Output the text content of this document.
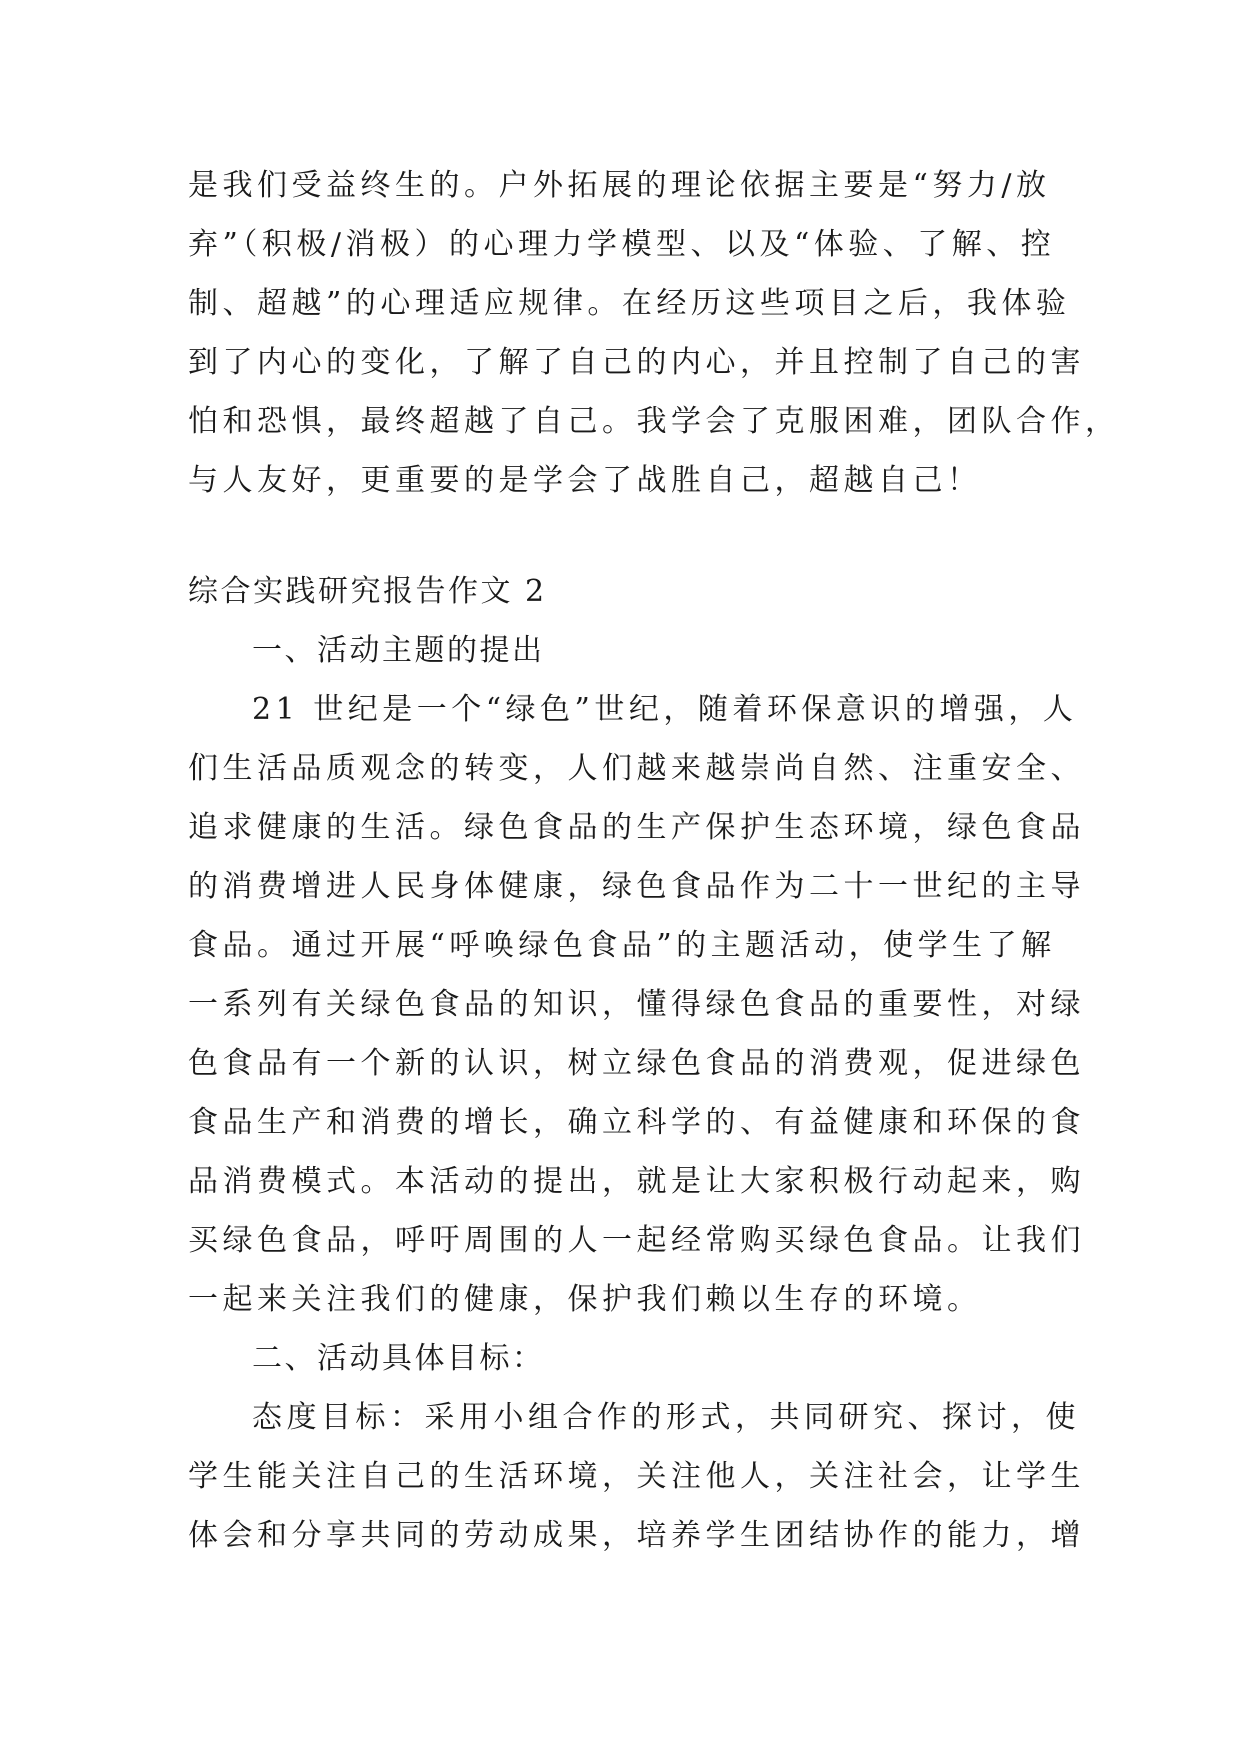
是我们受益终生的。户外拓展的理论依据主要是“努力/放
弃”（积极/消极）的心理力学模型、以及“体验、了解、控
制、超越”的心理适应规律。在经历这些项目之后，我体验
到了内心的变化，了解了自己的内心，并且控制了自己的害
怕和恐惧，最终超越了自己。我学会了克服困难，团队合作，
与人友好，更重要的是学会了战胜自己，超越自己！
综合实践研究报告作文 2
一、活动主题的提出
21 世纪是一个“绿色”世纪，随着环保意识的增强，人
们生活品质观念的转变，人们越来越崇尚自然、注重安全、
追求健康的生活。绿色食品的生产保护生态环境，绿色食品
的消费增进人民身体健康，绿色食品作为二十一世纪的主导
食品。通过开展“呼唤绿色食品”的主题活动，使学生了解
一系列有关绿色食品的知识，懂得绿色食品的重要性，对绿
色食品有一个新的认识，树立绿色食品的消费观，促进绿色
食品生产和消费的增长，确立科学的、有益健康和环保的食
品消费模式。本活动的提出，就是让大家积极行动起来，购
买绿色食品，呼吁周围的人一起经常购买绿色食品。让我们
一起来关注我们的健康，保护我们赖以生存的环境。
二、活动具体目标：
态度目标：采用小组合作的形式，共同研究、探讨，使
学生能关注自己的生活环境，关注他人，关注社会，让学生
体会和分享共同的劳动成果，培养学生团结协作的能力，增
